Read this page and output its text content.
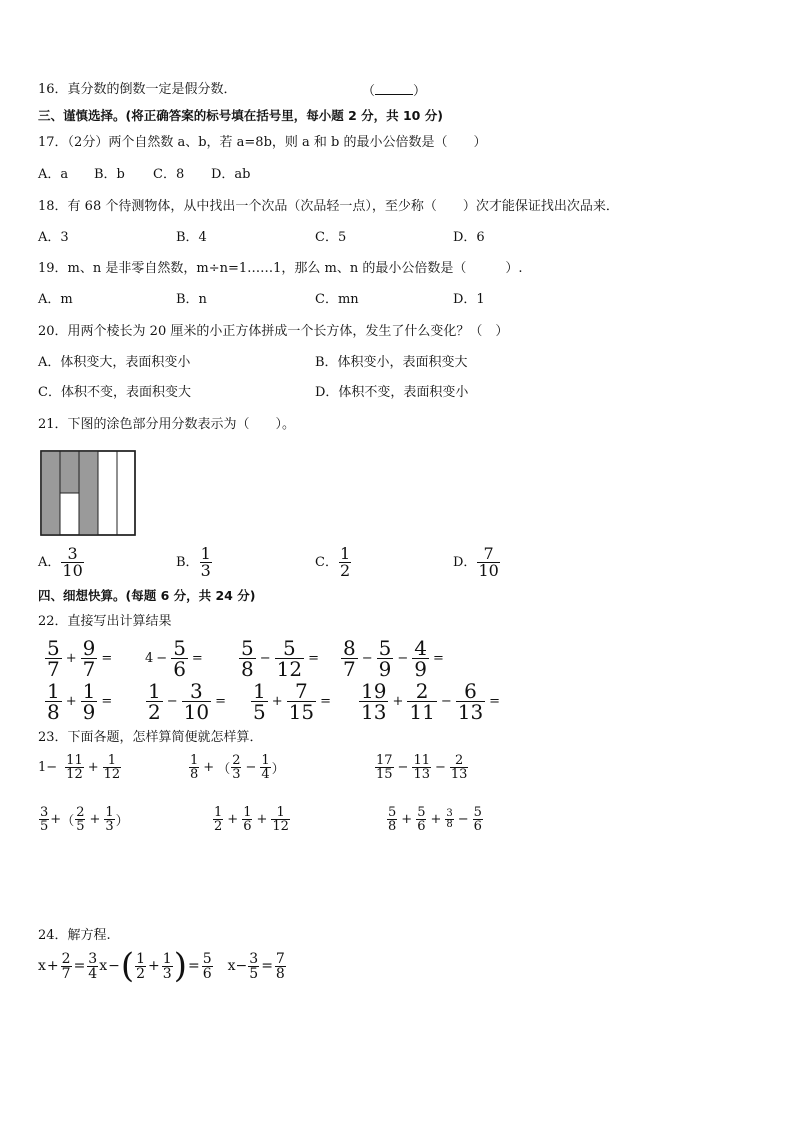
16．真分数的倒数一定是假分数．	（	）
三、谨慎选择。(将正确答案的标号填在括号里，每小题 2 分，共 10 分)
17．（2分）两个自然数 a、b，若 a=8b，则 a 和 b 的最小公倍数是（　　）
A．a B．b C．8 D．ab
18．有 68 个待测物体，从中找出一个次品（次品轻一点），至少称（　　）次才能保证找出次品来．
A．3	B．4	C．5	D．6
19．m、n 是非零自然数，m÷n=1……1，那么 m、n 的最小公倍数是（　　　）.
A．m	B．n	C．mn	D．1
20．用两个棱长为 20 厘米的小正方体拼成一个长方体，发生了什么变化？（　）
A．体积变大，表面积变小	B．体积变小，表面积变大
C．体积不变，表面积变大	D．体积不变，表面积变小
21．下图的涂色部分用分数表示为（　　）。
A． $\frac{3}{10}$	B． $\frac{1}{3}$	C． $\frac{1}{2}$	D． $\frac{7}{10}$
四、细想快算。(每题 6 分，共 24 分)
22．直接写出计算结果
$\frac{5}{7} + \frac{9}{7}$ =	$4 - \frac{5}{6} = \frac{5}{8} - \frac{5}{12} = \frac{8}{7} - \frac{5}{9} - \frac{4}{9}$ =
$\frac{1}{8} + \frac{1}{9} = \frac{1}{2} - \frac{3}{10} = \frac{1}{5} + \frac{7}{15} = \frac{19}{13} + \frac{2}{11} - \frac{6}{13}$ =
23．下面各题，怎样算简便就怎样算．
$1- \frac{11}{12} + \frac{1}{12}$	$\frac{1}{8}$ + （ $\frac{2}{3} - \frac{1}{4}$ ）	$\frac{17}{15} - \frac{11}{13} - \frac{2}{13}$
$\frac{3}{5}$ + （ $\frac{2}{5} + \frac{1}{3}$ ）	$\frac{1}{2} + \frac{1}{6} + \frac{1}{12}$	$\frac{5}{8} + \frac{5}{6} + \frac{3}{8} - \frac{5}{6}$
24．解方程.
$x + \frac{2}{7} = \frac{3}{4}$ x − ( $\frac{1}{2} + \frac{1}{3}$ ) = $\frac{5}{6} x- \frac{3}{5} = \frac{7}{8}$
